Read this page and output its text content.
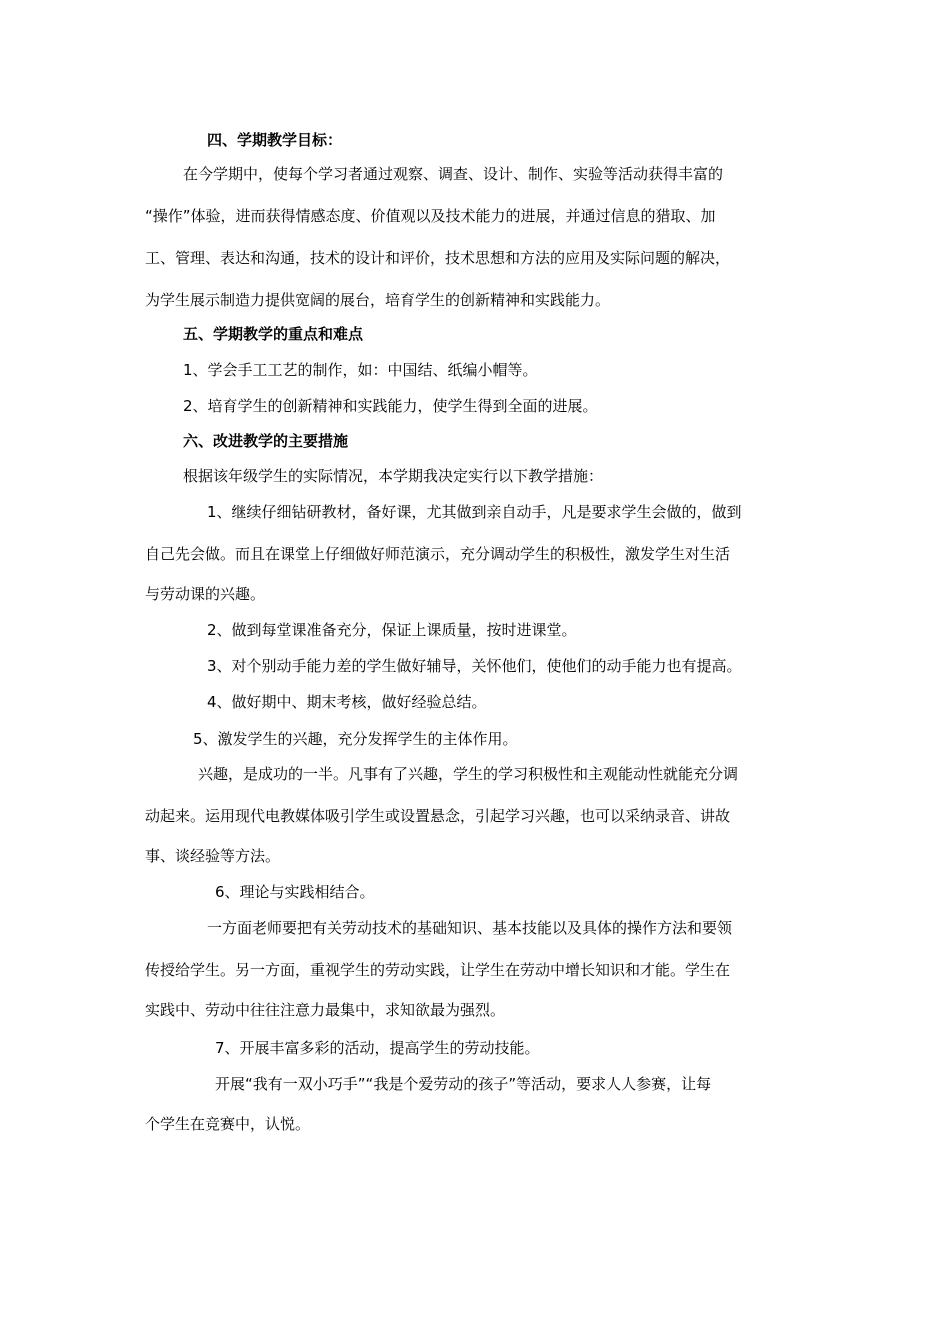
四、学期教学目标：
在今学期中，使每个学习者通过观察、调查、设计、制作、实验等活动获得丰富的
“操作”体验，进而获得情感态度、价值观以及技术能力的进展，并通过信息的猎取、加
工、管理、表达和沟通，技术的设计和评价，技术思想和方法的应用及实际问题的解决，
为学生展示制造力提供宽阔的展台，培育学生的创新精神和实践能力。
五、学期教学的重点和难点
1、学会手工工艺的制作，如：中国结、纸编小帽等。
2、培育学生的创新精神和实践能力，使学生得到全面的进展。
六、改进教学的主要措施
根据该年级学生的实际情况，本学期我决定实行以下教学措施：
1、继续仔细钻研教材，备好课，尤其做到亲自动手，凡是要求学生会做的，做到
自己先会做。而且在课堂上仔细做好师范演示，充分调动学生的积极性，激发学生对生活
与劳动课的兴趣。
2、做到每堂课准备充分，保证上课质量，按时进课堂。
3、对个别动手能力差的学生做好辅导，关怀他们，使他们的动手能力也有提高。
4、做好期中、期末考核，做好经验总结。
5、激发学生的兴趣，充分发挥学生的主体作用。
兴趣，是成功的一半。凡事有了兴趣，学生的学习积极性和主观能动性就能充分调
动起来。运用现代电教媒体吸引学生或设置悬念，引起学习兴趣，也可以采纳录音、讲故
事、谈经验等方法。
6、理论与实践相结合。
一方面老师要把有关劳动技术的基础知识、基本技能以及具体的操作方法和要领
传授给学生。另一方面，重视学生的劳动实践，让学生在劳动中增长知识和才能。学生在
实践中、劳动中往往注意力最集中，求知欲最为强烈。
7、开展丰富多彩的活动，提高学生的劳动技能。
开展“我有一双小巧手”“我是个爱劳动的孩子”等活动，要求人人参赛，让每
个学生在竞赛中，认悦。
